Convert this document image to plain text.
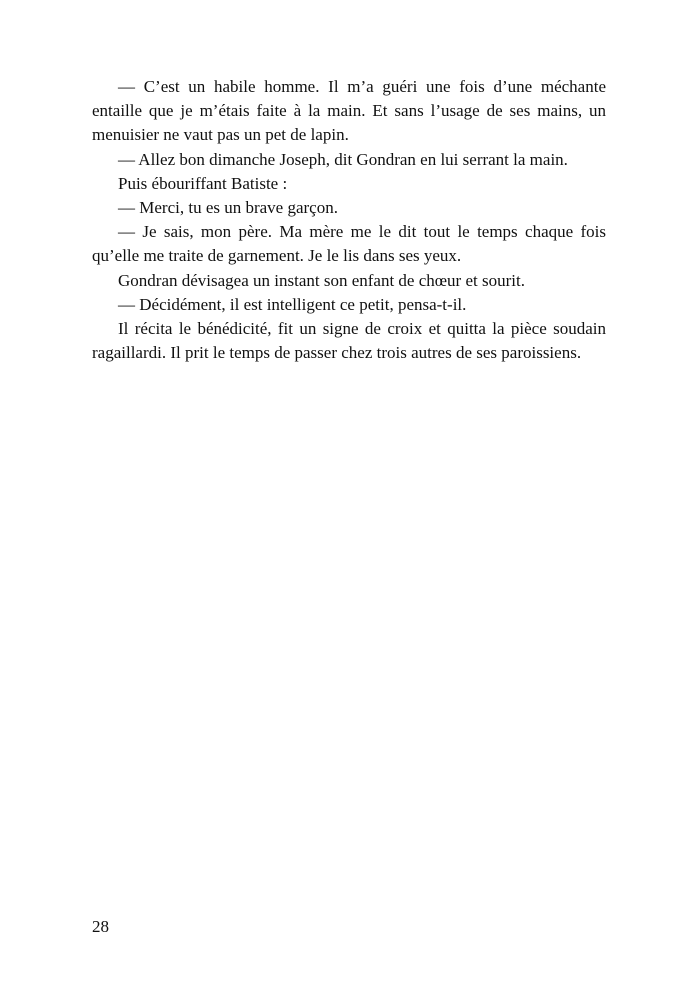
— C’est un habile homme. Il m’a guéri une fois d’une méchante entaille que je m’étais faite à la main. Et sans l’usage de ses mains, un menuisier ne vaut pas un pet de lapin.

— Allez bon dimanche Joseph, dit Gondran en lui serrant la main.

Puis ébouriffant Batiste :

— Merci, tu es un brave garçon.

— Je sais, mon père. Ma mère me le dit tout le temps chaque fois qu’elle me traite de garnement. Je le lis dans ses yeux.

Gondran dévisagea un instant son enfant de chœur et sourit.

— Décidément, il est intelligent ce petit, pensa-t-il.

Il récita le bénédicité, fit un signe de croix et quitta la pièce soudain ragaillardi. Il prit le temps de passer chez trois autres de ses paroissiens.

28
